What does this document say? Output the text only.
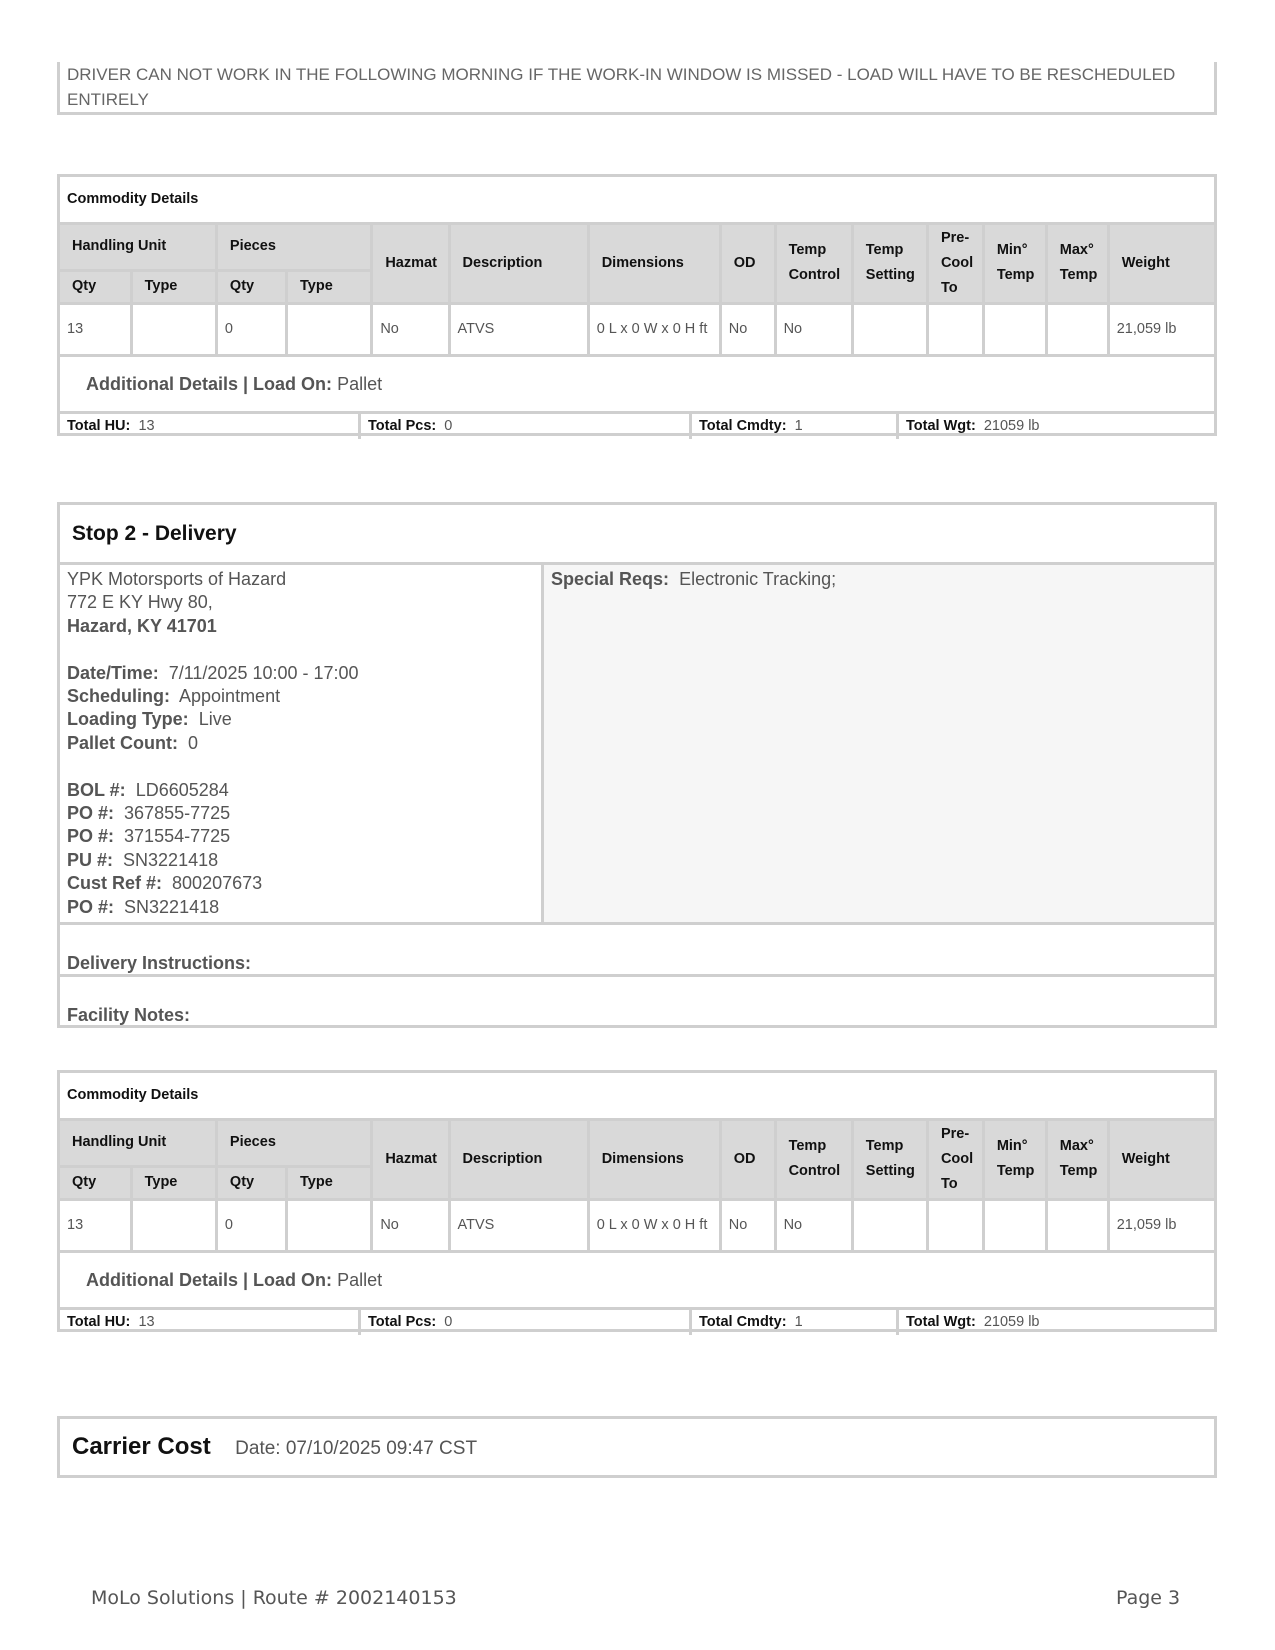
DRIVER CAN NOT WORK IN THE FOLLOWING MORNING IF THE WORK-IN WINDOW IS MISSED - LOAD WILL HAVE TO BE RESCHEDULED ENTIRELY
Commodity Details
Handling Unit		Pieces		Hazmat	Description	Dimensions	OD	Temp Control	Temp Setting	Pre-Cool To	Min° Temp	Max° Temp	Weight
Qty	Type	Qty	Type										
13		0		No	ATVS	0 L x 0 W x 0 H ft	No	No					21,059 lb
Additional Details | Load On: Pallet
Total HU: 13	Total Pcs: 0	Total Cmdty: 1	Total Wgt: 21059 lb
Commodity Details
Handling Unit		Pieces		Hazmat	Description	Dimensions	OD	Temp Control	Temp Setting	Pre-Cool To	Min° Temp	Max° Temp	Weight
Qty	Type	Qty	Type										
13		0		No	ATVS	0 L x 0 W x 0 H ft	No	No					21,059 lb
Additional Details | Load On: Pallet
Total HU: 13	Total Pcs: 0	Total Cmdty: 1	Total Wgt: 21059 lb
Stop 2 - Delivery
YPK Motorsports of Hazard
772 E KY Hwy 80,
Hazard, KY 41701
Date/Time: 7/11/2025 10:00 - 17:00
Scheduling: Appointment
Loading Type: Live
Pallet Count: 0
BOL #: LD6605284
PO #: 367855-7725
PO #: 371554-7725
PU #: SN3221418
Cust Ref #: 800207673
PO #: SN3221418
Special Reqs: Electronic Tracking;
Delivery Instructions:
Facility Notes:
Carrier Cost Date: 07/10/2025 09:47 CST
MoLo Solutions | Route # 2002140153	Page 3
